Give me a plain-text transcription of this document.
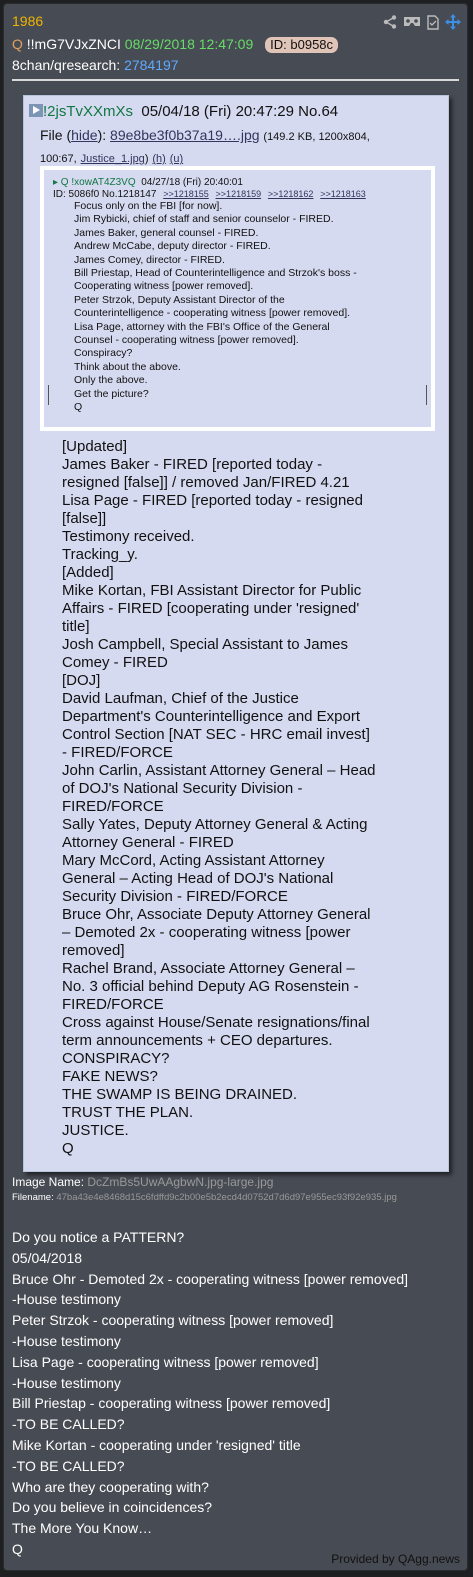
1986
Q !!mG7VJxZNCI 08/29/2018 12:47:09 ID: b0958c
8chan/qresearch: 2784197
!2jsTvXXmXs 05/04/18 (Fri) 20:47:29 No.64
File (hide): 89e8be3f0b37a19….jpg (149.2 KB, 1200x804,
100:67, Justice_1.jpg) (h) (u)
▸ Q !xowAT4Z3VQ 04/27/18 (Fri) 20:40:01
ID: 5086f0 No.1218147 >>1218155 >>1218159 >>1218162 >>1218163
Focus only on the FBI [for now].
Jim Rybicki, chief of staff and senior counselor - FIRED.
James Baker, general counsel - FIRED.
Andrew McCabe, deputy director - FIRED.
James Comey, director - FIRED.
Bill Priestap, Head of Counterintelligence and Strzok's boss -
Cooperating witness [power removed].
Peter Strzok, Deputy Assistant Director of the
Counterintelligence - cooperating witness [power removed].
Lisa Page, attorney with the FBI's Office of the General
Counsel - cooperating witness [power removed].
Conspiracy?
Think about the above.
Only the above.
Get the picture?
Q
[Updated]
James Baker - FIRED [reported today -
resigned [false]] / removed Jan/FIRED 4.21
Lisa Page - FIRED [reported today - resigned
[false]]
Testimony received.
Tracking_y.
[Added]
Mike Kortan, FBI Assistant Director for Public
Affairs - FIRED [cooperating under 'resigned'
title]
Josh Campbell, Special Assistant to James
Comey - FIRED
[DOJ]
David Laufman, Chief of the Justice
Department's Counterintelligence and Export
Control Section [NAT SEC - HRC email invest]
- FIRED/FORCE
John Carlin, Assistant Attorney General – Head
of DOJ's National Security Division -
FIRED/FORCE
Sally Yates, Deputy Attorney General & Acting
Attorney General - FIRED
Mary McCord, Acting Assistant Attorney
General – Acting Head of DOJ's National
Security Division - FIRED/FORCE
Bruce Ohr, Associate Deputy Attorney General
– Demoted 2x - cooperating witness [power
removed]
Rachel Brand, Associate Attorney General –
No. 3 official behind Deputy AG Rosenstein -
FIRED/FORCE
Cross against House/Senate resignations/final
term announcements + CEO departures.
CONSPIRACY?
FAKE NEWS?
THE SWAMP IS BEING DRAINED.
TRUST THE PLAN.
JUSTICE.
Q
Image Name: DcZmBs5UwAAgbwN.jpg-large.jpg
Filename: 47ba43e4e8468d15c6fdffd9c2b00e5b2ecd4d0752d7d6d97e955ec93f92e935.jpg
Do you notice a PATTERN?
05/04/2018
Bruce Ohr - Demoted 2x - cooperating witness [power removed]
-House testimony
Peter Strzok - cooperating witness [power removed]
-House testimony
Lisa Page - cooperating witness [power removed]
-House testimony
Bill Priestap - cooperating witness [power removed]
-TO BE CALLED?
Mike Kortan - cooperating under 'resigned' title
-TO BE CALLED?
Who are they cooperating with?
Do you believe in coincidences?
The More You Know…
Q
Provided by QAgg.news
